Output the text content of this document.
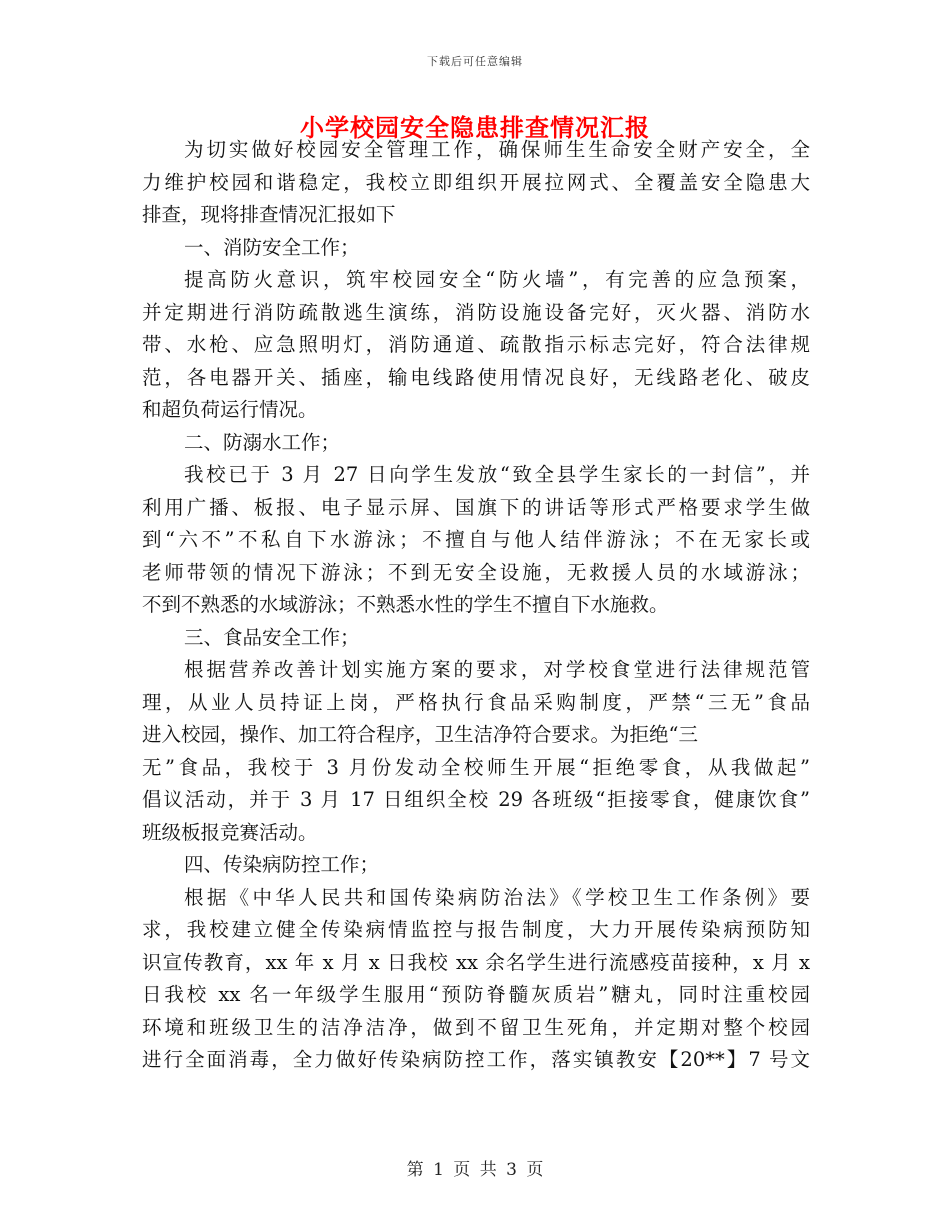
下载后可任意编辑
小学校园安全隐患排查情况汇报
为切实做好校园安全管理工作，确保师生生命安全财产安全，全
力维护校园和谐稳定，我校立即组织开展拉网式、全覆盖安全隐患大
排查，现将排查情况汇报如下
一、消防安全工作；
提高防火意识，筑牢校园安全“防火墙”，有完善的应急预案，
并定期进行消防疏散逃生演练，消防设施设备完好，灭火器、消防水
带、水枪、应急照明灯，消防通道、疏散指示标志完好，符合法律规
范，各电器开关、插座，输电线路使用情况良好，无线路老化、破皮
和超负荷运行情况。
二、防溺水工作；
我校已于 3 月 27 日向学生发放“致全县学生家长的一封信”，并
利用广播、板报、电子显示屏、国旗下的讲话等形式严格要求学生做
到“六不”不私自下水游泳；不擅自与他人结伴游泳；不在无家长或
老师带领的情况下游泳；不到无安全设施，无救援人员的水域游泳；
不到不熟悉的水域游泳；不熟悉水性的学生不擅自下水施救。
三、食品安全工作；
根据营养改善计划实施方案的要求，对学校食堂进行法律规范管
理，从业人员持证上岗，严格执行食品采购制度，严禁“三无”食品
进入校园，操作、加工符合程序，卫生洁净符合要求。为拒绝“三
无”食品，我校于 3 月份发动全校师生开展“拒绝零食，从我做起”
倡议活动，并于 3 月 17 日组织全校 29 各班级“拒接零食，健康饮食”
班级板报竞赛活动。
四、传染病防控工作；
根据《中华人民共和国传染病防治法》《学校卫生工作条例》要
求，我校建立健全传染病情监控与报告制度，大力开展传染病预防知
识宣传教育，xx 年 x 月 x 日我校 xx 余名学生进行流感疫苗接种，x 月 x
日我校 xx 名一年级学生服用“预防脊髓灰质岩”糖丸，同时注重校园
环境和班级卫生的洁净洁净，做到不留卫生死角，并定期对整个校园
进行全面消毒，全力做好传染病防控工作，落实镇教安【20**】7 号文
第 1 页 共 3 页
